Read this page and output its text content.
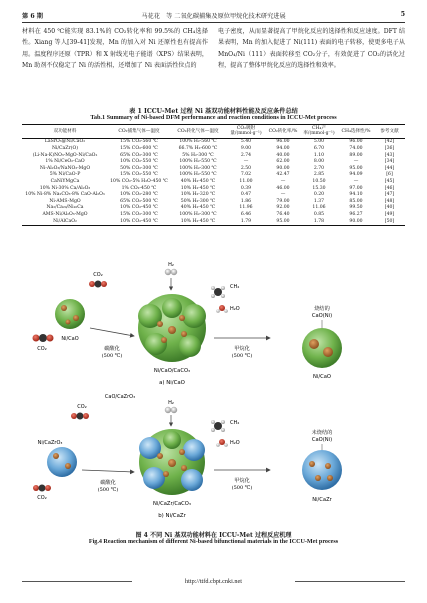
第 6 期	马花花　等 二氧化碳捕集及原位甲烷化技术研究进展	5
材料在 450 ℃能实现 83.1%的 CO₂转化率和 99.5%的 CH₄选择性。Xiang 等人[39-41]发现，Mn 的加入对 Ni 还原性也有提高作用。温度程序还原（TPR）和 X 射线光电子能谱（XPS）结果表明，Mn 助剂不仅稳定了 Ni 的活性相，还增加了 Ni 表面活性位点的
电子密度，从而显著提高了甲烷化反应的选择性和反应速度。DFT 结果表明，Mn 的加入促进了 Ni(111) 表面的电子转移，使更多电子从 MnO₄/Ni（111）表面转移至 CO₂分子，有效促进了 CO₂的活化过程，提高了整体甲烷化反应的选择性和效率。
表 1 ICCU-Met 过程 Ni 基双功能材料性能及反应条件总结
Tab.1 Summary of Ni-based DFM performance and reaction conditions in ICCU-Met process
双功能材料	CO₂捕集气体—温度	CO₂转化气体—温度	CO₂吸附量/(mmol·g⁻¹)	CO₂转化率/%	CH₄产率/(mmol·g⁻¹)	CH₄选择性/%	参考文献
LaSrO₃@Ni/CaO₂	15% CO₂-560 ℃	100% H₂-560 ℃	5.40	96.00	5.00	96.00	[42]
Ni/CaZr(O)	15% CO₂-600 ℃	66.7% H₂-600 ℃	9.00	94.00	6.70	74.00	[36]
(Li-Na-K)NO₃-MgO-Ni/CaO₂	65% CO₂-300 ℃	5% H₂-300 ℃	2.74	40.00	1.10	89.00	[43]
1% Ni/CeO₂-CaO	10% CO₂-550 ℃	100% H₂-550 ℃	—	62.00	8.00	—	[34]
Ni-Al₂O₃/NaNO₃-MgO	50% CO₂-300 ℃	100% H₂-300 ℃	2.50	90.00	2.70	95.00	[44]
5% Ni/CaO-P	15% CO₂-550 ℃	100% H₂-550 ℃	7.02	42.47	2.85	94.09	[6]
CaNiYMgCa	10% CO₂-5% H₂O-450 ℃	40% H₂-450 ℃	11.00	—	10.50	—	[45]
10% Ni-30% Ca/Al₂O₃	1% CO₂-450 ℃	10% H₂-450 ℃	0.39	46.00	15.30	97.00	[46]
10% Ni-8% Na₂CO₃-8% CaO-Al₂O₃	10% CO₂-280 ℃	10% H₂-320 ℃	0.47	—	0.20	94.10	[47]
Ni-AMS-MgO	65% CO₂-500 ℃	50% H₂-300 ℃	1.86	79.00	1.37	85.00	[48]
Na₂/Ca₂₀/Ni₁₀Ca	10% CO₂-450 ℃	40% H₂-450 ℃	11.96	92.00	11.06	99.50	[40]
AMS-Ni/Al₂O₃-MgO	15% CO₂-300 ℃	100% H₂-300 ℃	6.46	76.40	0.85	96.27	[49]
Ni/AlCaO₂	10% CO₂-450 ℃	10% H₂-450 ℃	1.79	95.00	1.78	90.00	[50]
CO₂
CO₂
碳酸化
(500 ℃)
H₂
CH₄
H₂O
Ni/CaO/CaCO₃
甲烷化
(500 ℃)
烧结的
CaO(Ni)
Ni/CaO
Ni/CaO
a) Ni/CaO
CaO/CaZrO₃
CO₂
Ni/CaZrO₃
CO₂
碳酸化
(500 ℃)
H₂
CH₄
H₂O
Ni/CaZr/CaCO₃
甲烷化
(500 ℃)
未烧结的
CaO(Ni)
Ni/CaZr
b) Ni/CaZr
图 4 不同 Ni 基双功能材料在 ICCU-Met 过程反应机理
Fig.4 Reaction mechanism of different Ni-based bifunctional materials in the ICCU-Met process
http://ttfd.cbpt.cnki.net
